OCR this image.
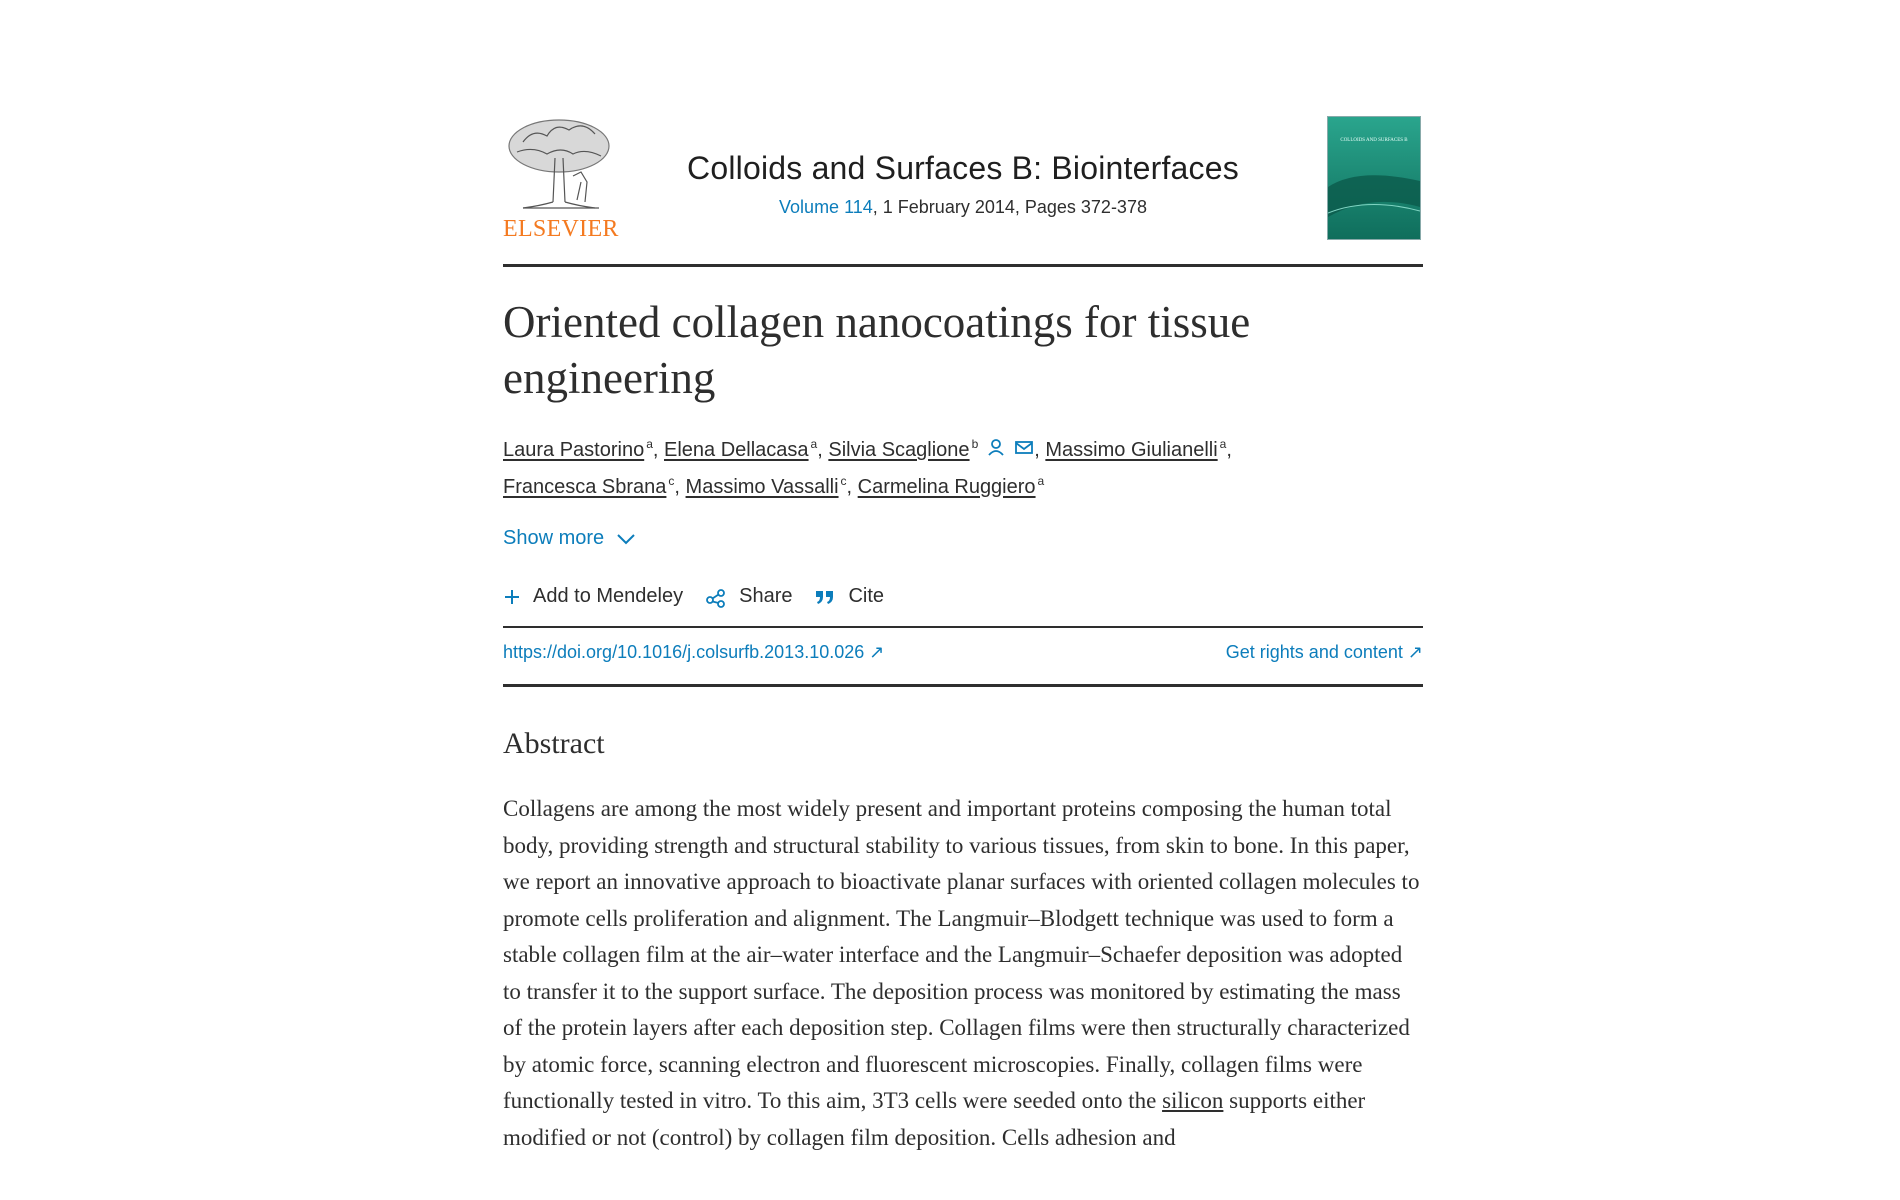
ELSEVIER
Colloids and Surfaces B: Biointerfaces
Volume 114, 1 February 2014, Pages 372-378
COLLOIDS AND SURFACES B
Oriented collagen nanocoatings for tissue engineering
Laura Pastorino $^a$, Elena Dellacasa $^a$, Silvia Scaglione $^b$	, Massimo Giulianelli $^a$,
Francesca Sbrana $^c$, Massimo Vassalli $^c$, Carmelina Ruggiero $^a$
Show more
Add to Mendeley	Share	Cite
https://doi.org/10.1016/j.colsurfb.2013.10.026 ↗	Get rights and content ↗
Abstract

Collagens are among the most widely present and important proteins composing the human total body, providing strength and structural stability to various tissues, from skin to bone. In this paper, we report an innovative approach to bioactivate planar surfaces with oriented collagen molecules to promote cells proliferation and alignment. The Langmuir–Blodgett technique was used to form a stable collagen film at the air–water interface and the Langmuir–Schaefer deposition was adopted to transfer it to the support surface. The deposition process was monitored by estimating the mass of the protein layers after each deposition step. Collagen films were then structurally characterized by atomic force, scanning electron and fluorescent microscopies. Finally, collagen films were functionally tested in vitro. To this aim, 3T3 cells were seeded onto the silicon supports either modified or not (control) by collagen film deposition. Cells adhesion and
